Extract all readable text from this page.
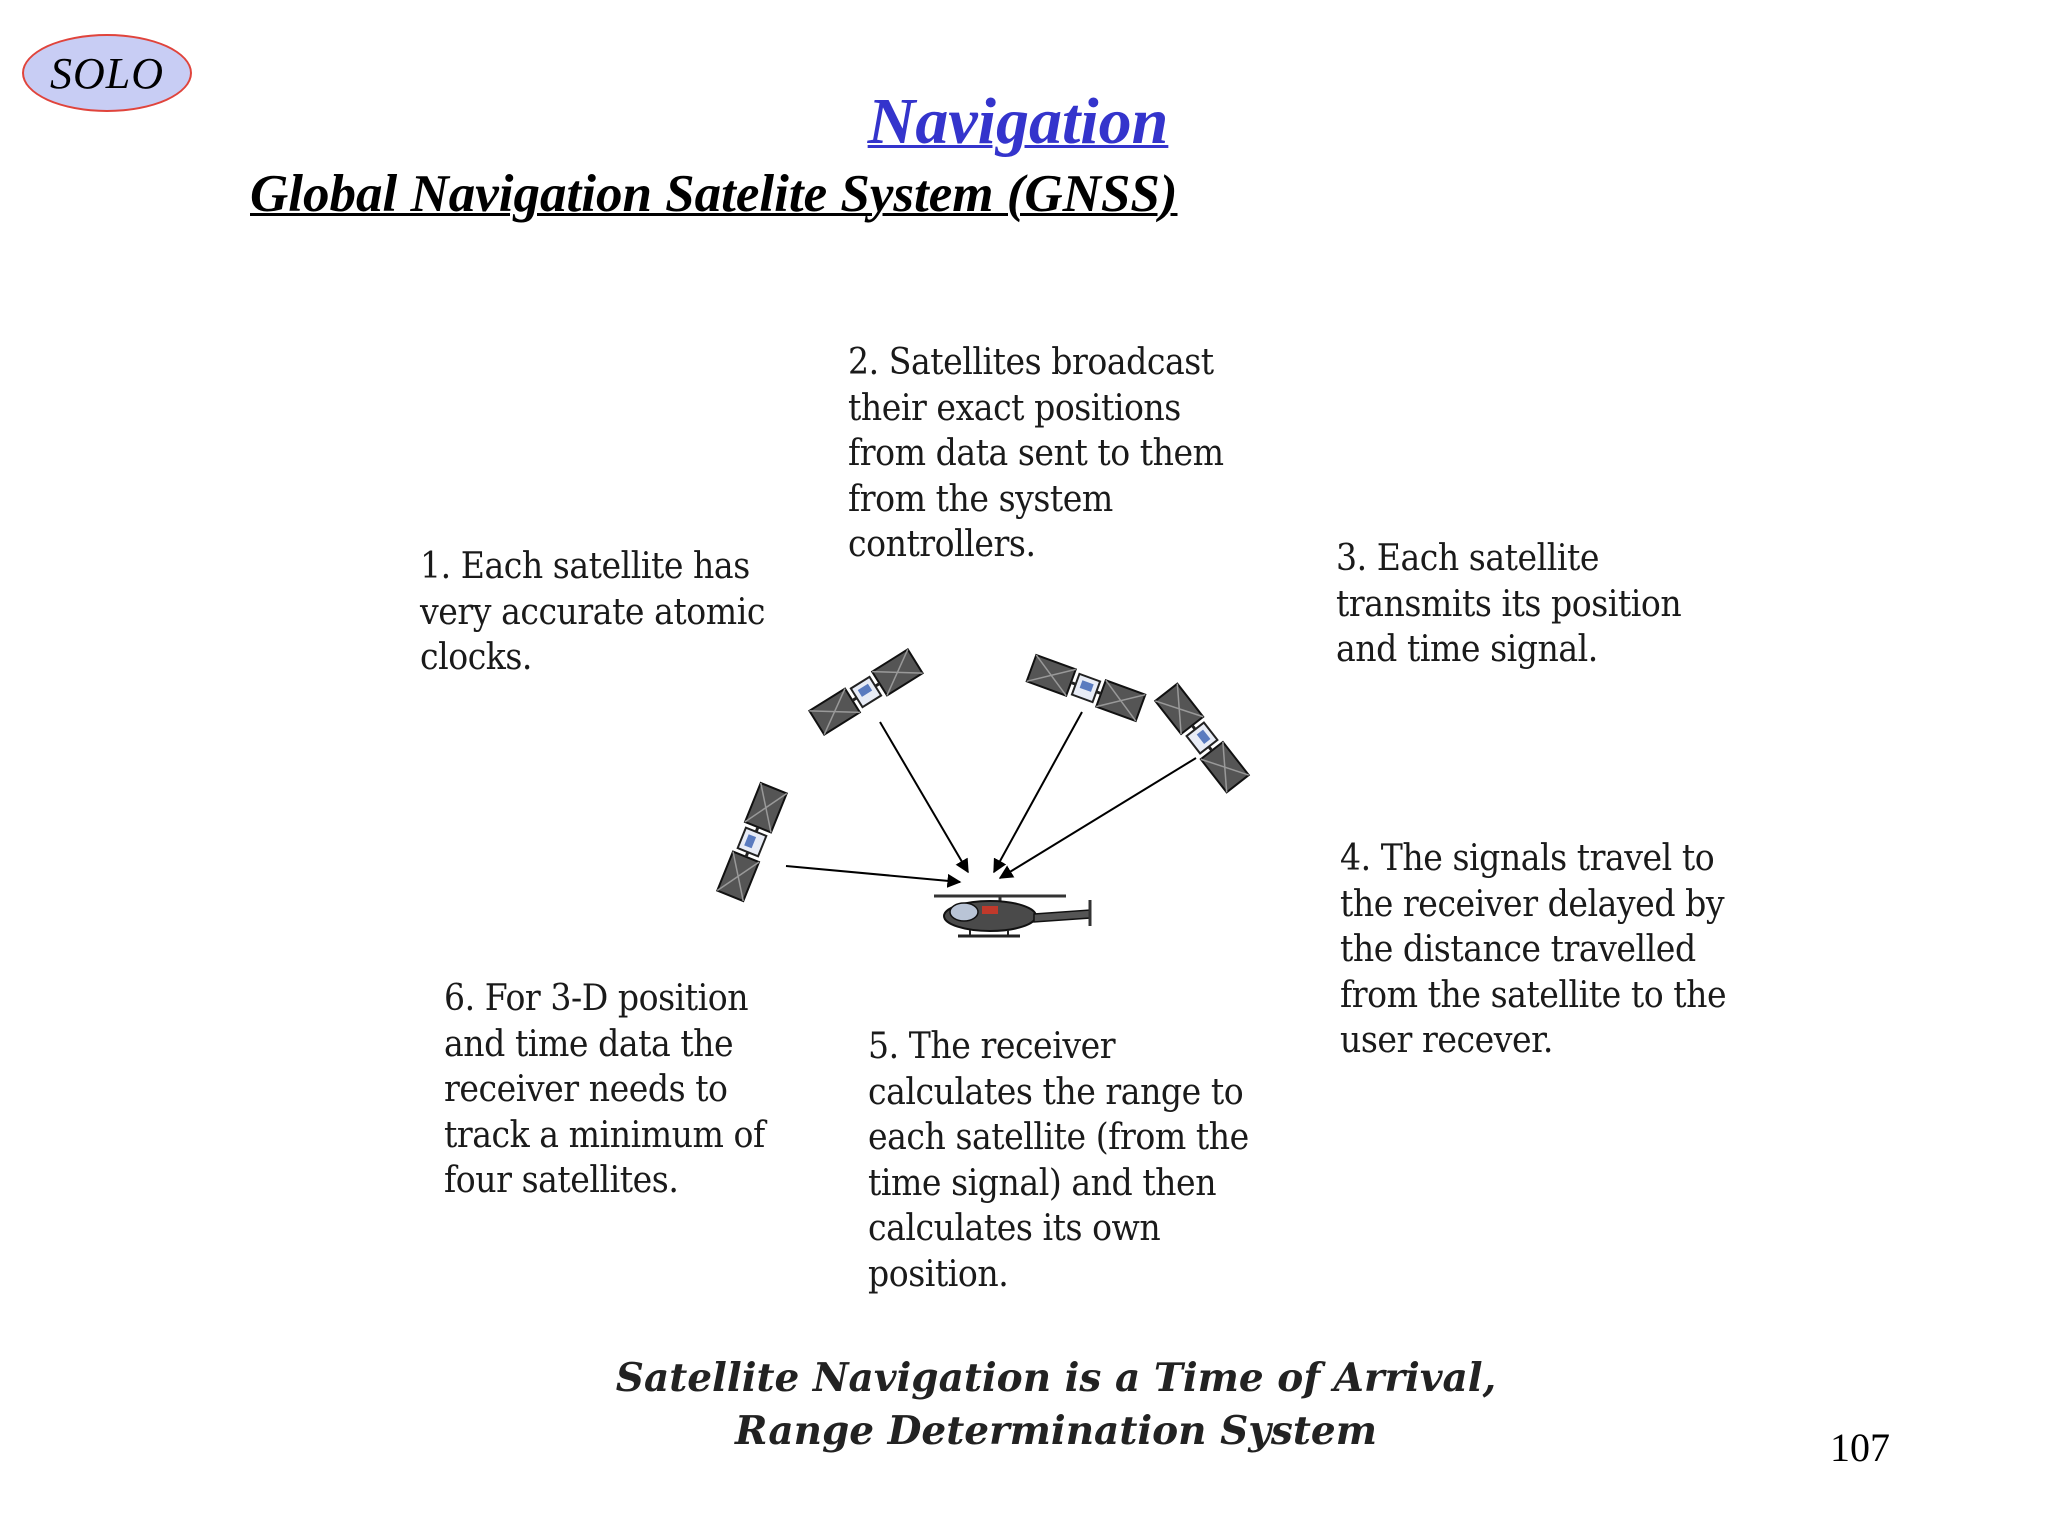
SOLO
Navigation
Global Navigation Satelite System (GNSS)
1. Each satellite has
very accurate atomic
clocks.
2. Satellites broadcast
their exact positions
from data sent to them
from the system
controllers.	3. Each satellite
transmits its position
and time signal.
4. The signals travel to
the receiver delayed by
the distance travelled
from the satellite to the
user recever.
5. The receiver
calculates the range to
each satellite (from the
time signal) and then
calculates its own
position.
6. For 3-D position
and time data the
receiver needs to
track a minimum of
four satellites.
Satellite Navigation is a Time of Arrival,
Range Determination System	107
